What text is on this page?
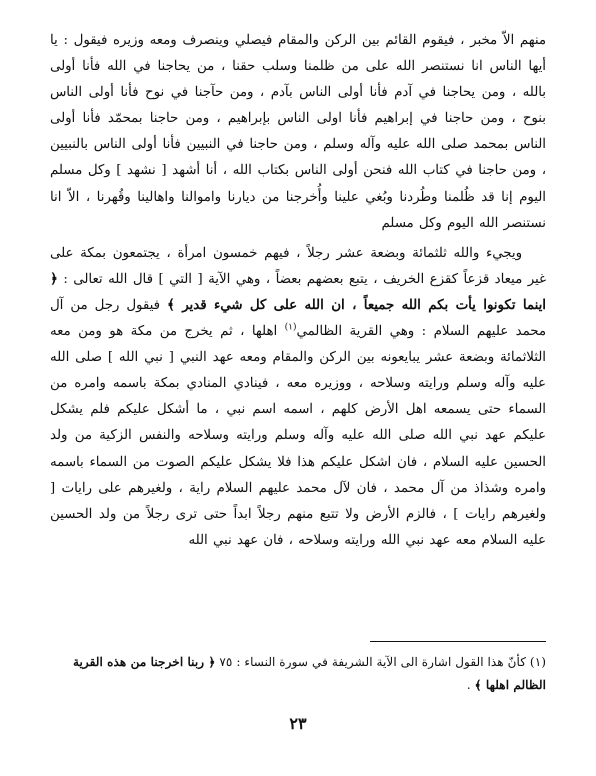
منهم الاّ مخبر ، فيقوم القائم بين الركن والمقام فيصلي وينصرف ومعه وزيره فيقول : يا أيها الناس انا نستنصر الله على من ظلمنا وسلب حقنا ، من يحاجنا في الله فأنا أولى بالله ، ومن يحاجنا في آدم فأنا أولى الناس بآدم ، ومن حآجنا في نوح فأنا أولى الناس بنوح ، ومن حاجنا في إبراهيم فأنا اولى الناس بإبراهيم ، ومن حاجنا بمحمّد فأنا أولى الناس بمحمد صلى الله عليه وآله وسلم ، ومن حاجنا في النبيين فأنا أولى الناس بالنبيين ، ومن حاجنا في كتاب الله فنحن أولى الناس بكتاب الله ، أنا أشهد [ نشهد ] وكل مسلم اليوم إنا قد ظُلمنا وطُردنا وبُغي علينا وأُخرجنا من ديارنا واموالنا واهالينا وقُهرنا ، الاّ انا نستنصر الله اليوم وكل مسلم

ويجيء والله ثلثمائة وبضعة عشر رجلاً ، فيهم خمسون امرأة ، يجتمعون بمكة على غير ميعاد قزعاً كقزع الخريف ، يتبع بعضهم بعضاً ، وهي الآية [ التي ] قال الله تعالى : ﴿ اينما تكونوا يأت بكم الله جميعاً ، ان الله على كل شيء قدير ﴾ فيقول رجل من آل محمد عليهم السلام : وهي القرية الظالمي$^{(١)}$ اهلها ، ثم يخرج من مكة هو ومن معه الثلاثمائة وبضعة عشر يبايعونه بين الركن والمقام ومعه عهد النبي [ نبي الله ] صلى الله عليه وآله وسلم ورايته وسلاحه ، ووزيره معه ، فينادي المنادي بمكة باسمه وامره من السماء حتى يسمعه اهل الأرض كلهم ، اسمه اسم نبي ، ما أشكل عليكم فلم يشكل عليكم عهد نبي الله صلى الله عليه وآله وسلم ورايته وسلاحه والنفس الزكية من ولد الحسين عليه السلام ، فان اشكل عليكم هذا فلا يشكل عليكم الصوت من السماء باسمه وامره وشذاذ من آل محمد ، فان لآل محمد عليهم السلام راية ، ولغيرهم على رايات [ ولغيرهم رايات ] ، فالزم الأرض ولا تتبع منهم رجلاً ابداً حتى ترى رجلاً من ولد الحسين عليه السلام معه عهد نبي الله ورايته وسلاحه ، فان عهد نبي الله

(١) كأنّ هذا القول اشارة الى الآية الشريفة في سورة النساء : ٧٥ ﴿ ربنا اخرجنا من هذه القرية الظالم اهلها ﴾ .
٢٣
